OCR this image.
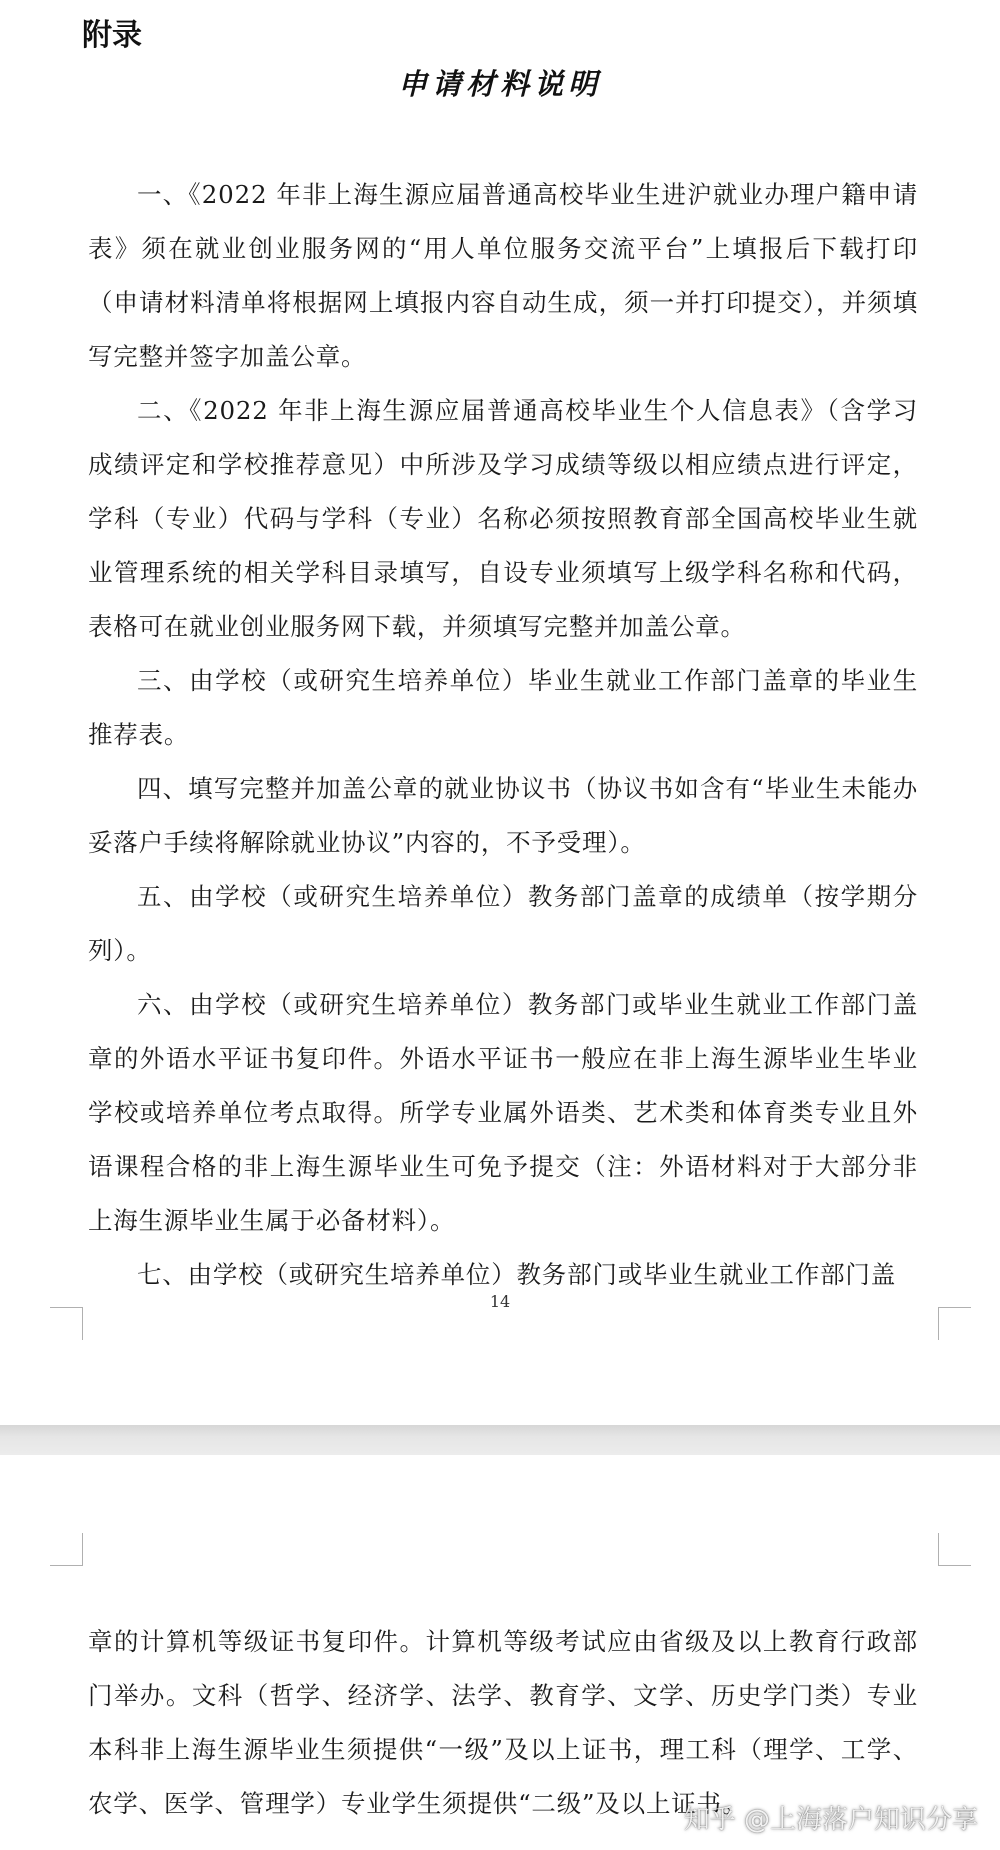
附录
申请材料说明

一、《2022 年非上海生源应届普通高校毕业生进沪就业办理户籍申请表》须在就业创业服务网的“用人单位服务交流平台”上填报后下载打印（申请材料清单将根据网上填报内容自动生成，须一并打印提交），并须填写完整并签字加盖公章。

二、《2022 年非上海生源应届普通高校毕业生个人信息表》（含学习成绩评定和学校推荐意见）中所涉及学习成绩等级以相应绩点进行评定，学科（专业）代码与学科（专业）名称必须按照教育部全国高校毕业生就业管理系统的相关学科目录填写，自设专业须填写上级学科名称和代码，表格可在就业创业服务网下载，并须填写完整并加盖公章。

三、由学校（或研究生培养单位）毕业生就业工作部门盖章的毕业生推荐表。

四、填写完整并加盖公章的就业协议书（协议书如含有“毕业生未能办妥落户手续将解除就业协议”内容的，不予受理）。

五、由学校（或研究生培养单位）教务部门盖章的成绩单（按学期分列）。

六、由学校（或研究生培养单位）教务部门或毕业生就业工作部门盖章的外语水平证书复印件。外语水平证书一般应在非上海生源毕业生毕业学校或培养单位考点取得。所学专业属外语类、艺术类和体育类专业且外语课程合格的非上海生源毕业生可免予提交（注：外语材料对于大部分非上海生源毕业生属于必备材料）。

七、由学校（或研究生培养单位）教务部门或毕业生就业工作部门盖

14

章的计算机等级证书复印件。计算机等级考试应由省级及以上教育行政部门举办。文科（哲学、经济学、法学、教育学、文学、历史学门类）专业本科非上海生源毕业生须提供“一级”及以上证书，理工科（理学、工学、农学、医学、管理学）专业学生须提供“二级”及以上证书。

知乎 @上海落户知识分享
